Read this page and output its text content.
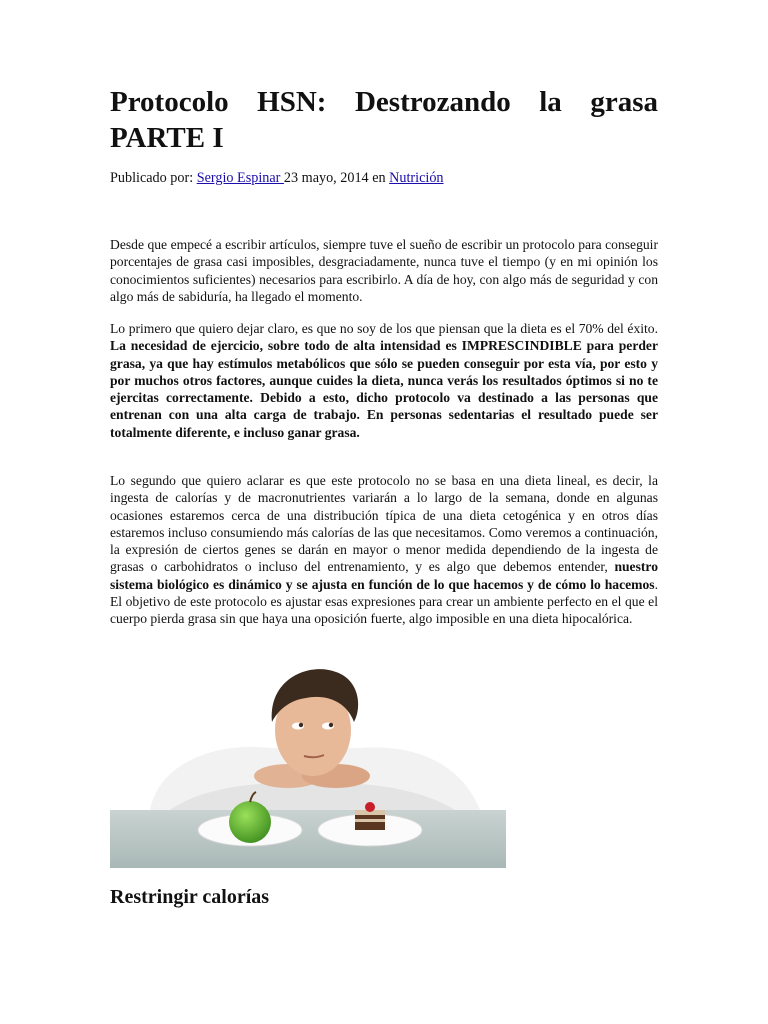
Protocolo HSN: Destrozando la grasa PARTE I

Publicado por: Sergio Espinar 23 mayo, 2014 en Nutrición

Desde que empecé a escribir artículos, siempre tuve el sueño de escribir un protocolo para conseguir porcentajes de grasa casi imposibles, desgraciadamente, nunca tuve el tiempo (y en mi opinión los conocimientos suficientes) necesarios para escribirlo. A día de hoy, con algo más de seguridad y con algo más de sabiduría, ha llegado el momento.

Lo primero que quiero dejar claro, es que no soy de los que piensan que la dieta es el 70% del éxito. La necesidad de ejercicio, sobre todo de alta intensidad es IMPRESCINDIBLE para perder grasa, ya que hay estímulos metabólicos que sólo se pueden conseguir por esta vía, por esto y por muchos otros factores, aunque cuides la dieta, nunca verás los resultados óptimos si no te ejercitas correctamente. Debido a esto, dicho protocolo va destinado a las personas que entrenan con una alta carga de trabajo. En personas sedentarias el resultado puede ser totalmente diferente, e incluso ganar grasa.

Lo segundo que quiero aclarar es que este protocolo no se basa en una dieta lineal, es decir, la ingesta de calorías y de macronutrientes variarán a lo largo de la semana, donde en algunas ocasiones estaremos cerca de una distribución típica de una dieta cetogénica y en otros días estaremos incluso consumiendo más calorías de las que necesitamos. Como veremos a continuación, la expresión de ciertos genes se darán en mayor o menor medida dependiendo de la ingesta de grasas o carbohidratos o incluso del entrenamiento, y es algo que debemos entender, nuestro sistema biológico es dinámico y se ajusta en función de lo que hacemos y de cómo lo hacemos. El objetivo de este protocolo es ajustar esas expresiones para crear un ambiente perfecto en el que el cuerpo pierda grasa sin que haya una oposición fuerte, algo imposible en una dieta hipocalórica.

Restringir calorías
